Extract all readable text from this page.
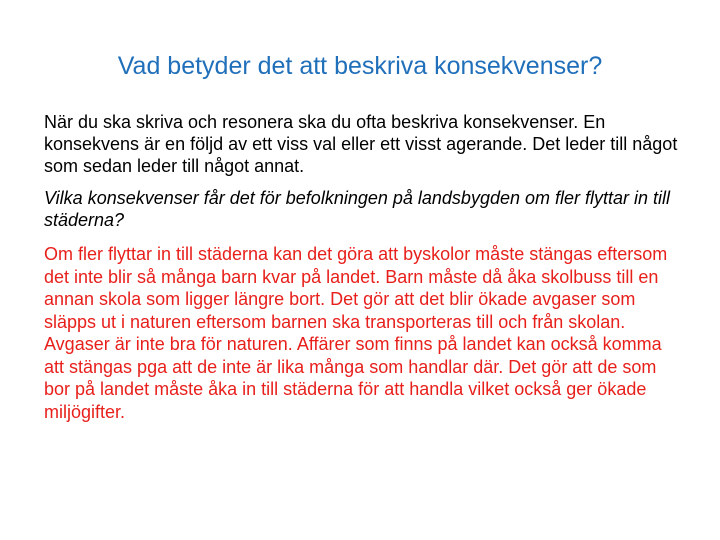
Vad betyder det att beskriva konsekvenser?

När du ska skriva och resonera ska du ofta beskriva konsekvenser. En konsekvens är en följd av ett viss val eller ett visst agerande. Det leder till något som sedan leder till något annat.

Vilka konsekvenser får det för befolkningen på landsbygden om fler flyttar in till städerna?

Om fler flyttar in till städerna kan det göra att byskolor måste stängas eftersom det inte blir så många barn kvar på landet. Barn måste då åka skolbuss till en annan skola som ligger längre bort. Det gör att det blir ökade avgaser som släpps ut i naturen eftersom barnen ska transporteras till och från skolan. Avgaser är inte bra för naturen. Affärer som finns på landet kan också komma att stängas pga att de inte är lika många som handlar där. Det gör att de som bor på landet måste åka in till städerna för att handla vilket också ger ökade miljögifter.
